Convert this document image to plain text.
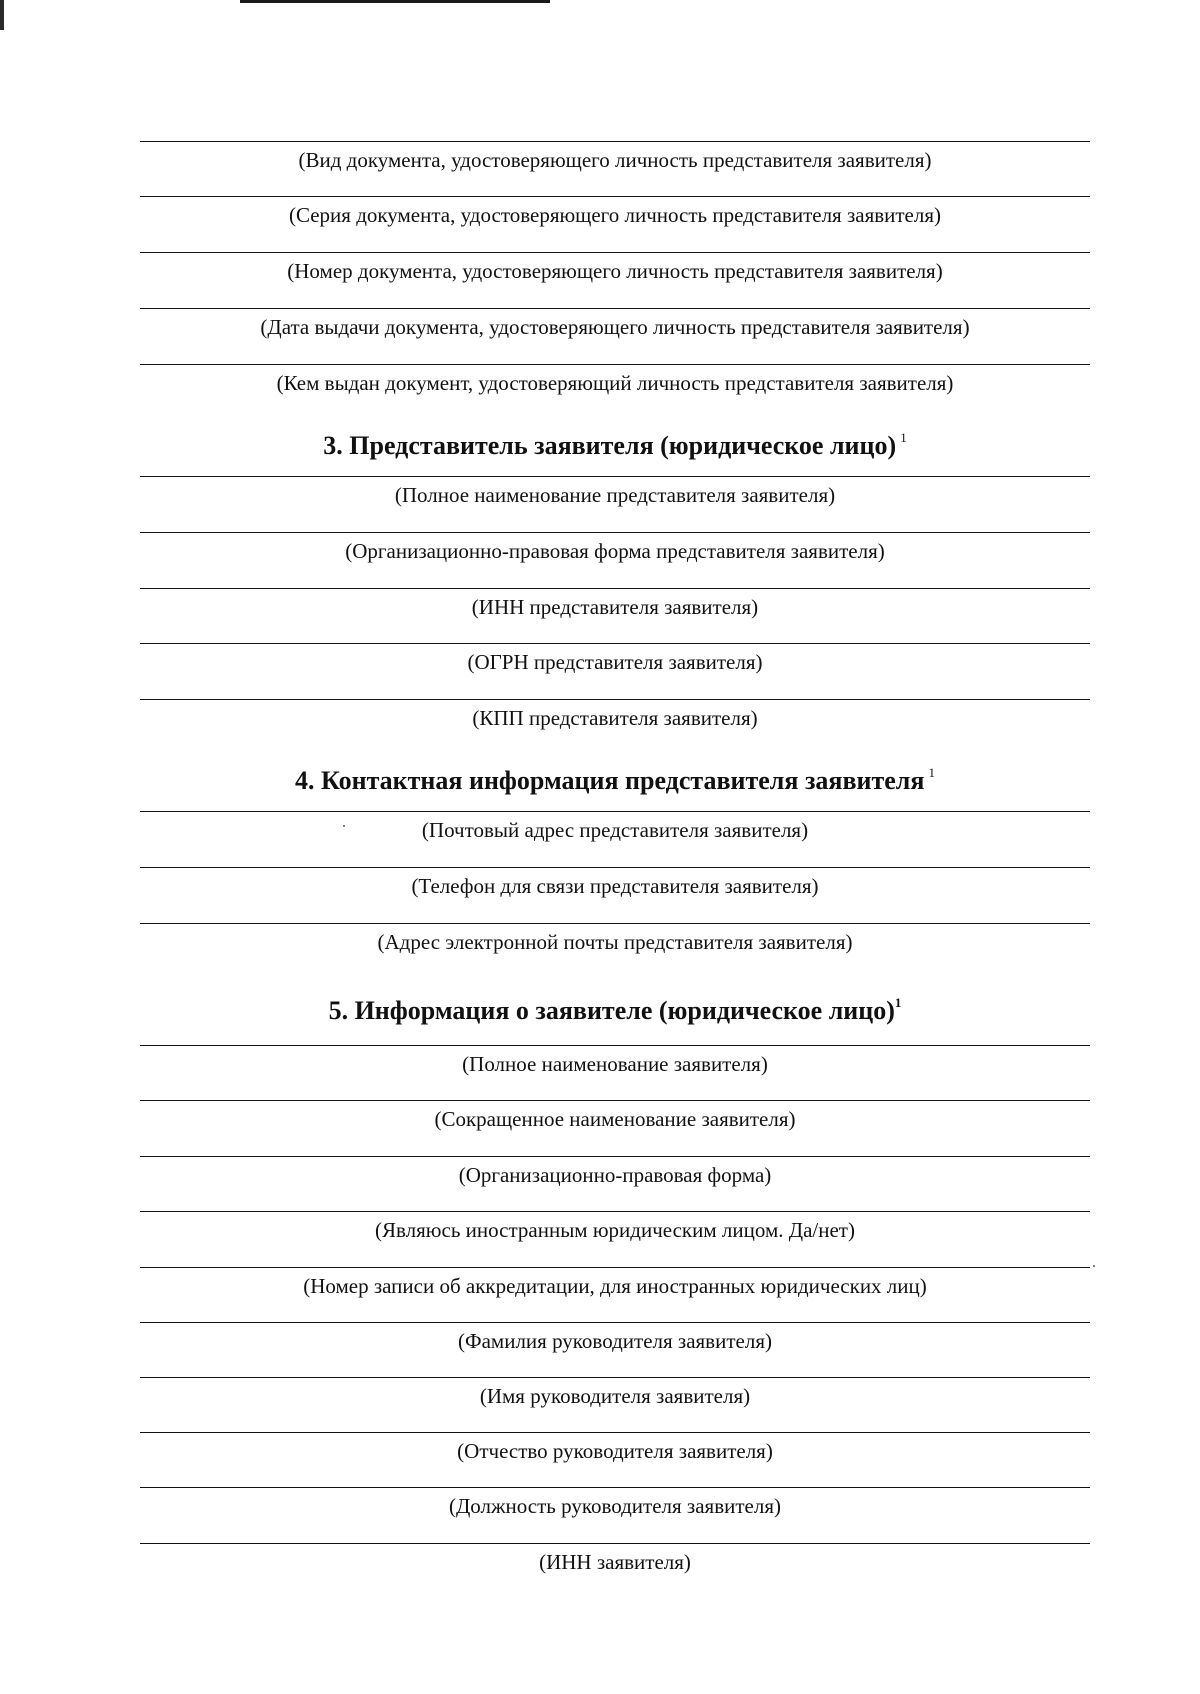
(Вид документа, удостоверяющего личность представителя заявителя)
(Серия документа, удостоверяющего личность представителя заявителя)
(Номер документа, удостоверяющего личность представителя заявителя)
(Дата выдачи документа, удостоверяющего личность представителя заявителя)
(Кем выдан документ, удостоверяющий личность представителя заявителя)
3. Представитель заявителя (юридическое лицо) $^1$
(Полное наименование представителя заявителя)
(Организационно-правовая форма представителя заявителя)
(ИНН представителя заявителя)
(ОГРН представителя заявителя)
(КПП представителя заявителя)
4. Контактная информация представителя заявителя $^1$
(Почтовый адрес представителя заявителя)
(Телефон для связи представителя заявителя)
(Адрес электронной почты представителя заявителя)
5. Информация о заявителе (юридическое лицо)$^1$
(Полное наименование заявителя)
(Сокращенное наименование заявителя)
(Организационно-правовая форма)
(Являюсь иностранным юридическим лицом. Да/нет)
(Номер записи об аккредитации, для иностранных юридических лиц)
(Фамилия руководителя заявителя)
(Имя руководителя заявителя)
(Отчество руководителя заявителя)
(Должность руководителя заявителя)
(ИНН заявителя)
